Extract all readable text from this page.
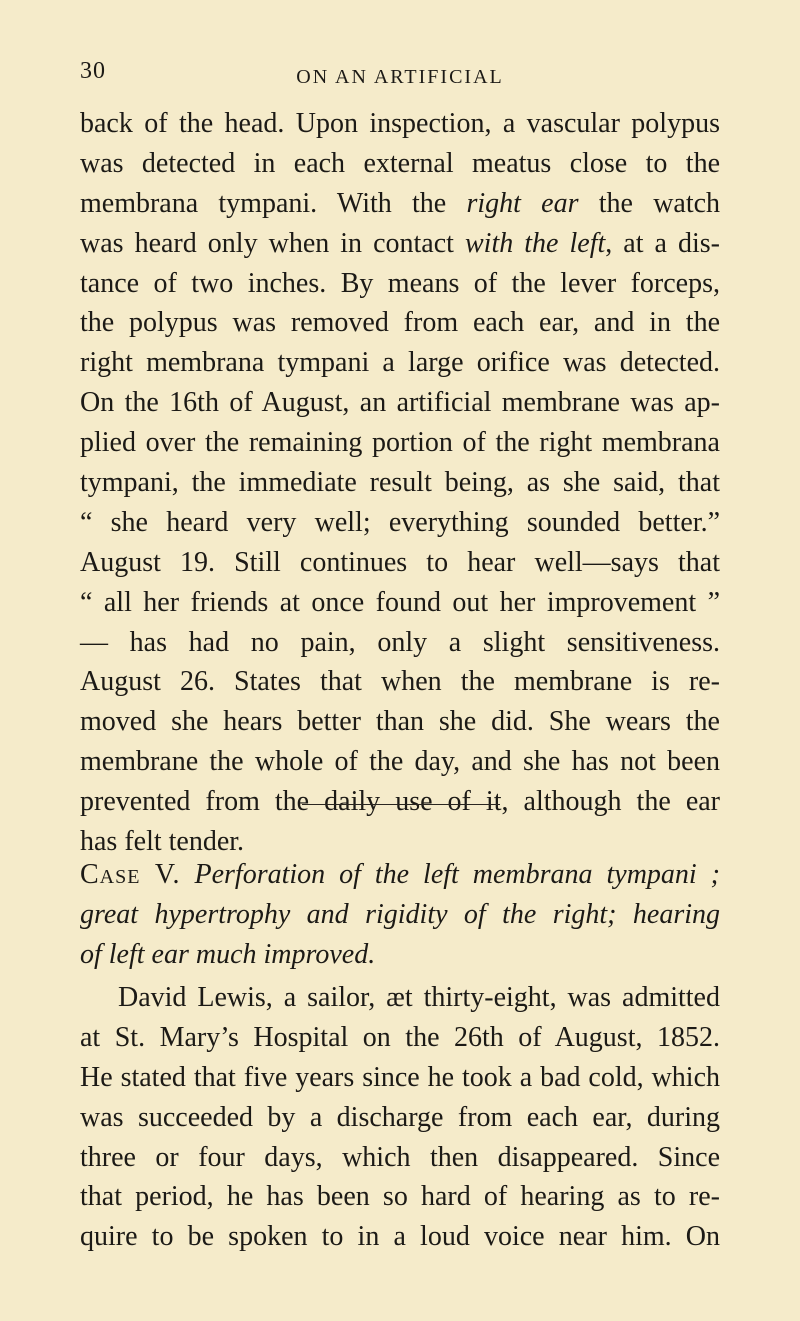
30	ON AN ARTIFICIAL
back of the head. Upon inspection, a vascular polypus
was detected in each external meatus close to the
membrana tympani. With the right ear the watch
was heard only when in contact with the left, at a dis-
tance of two inches. By means of the lever forceps,
the polypus was removed from each ear, and in the
right membrana tympani a large orifice was detected.
On the 16th of August, an artificial membrane was ap-
plied over the remaining portion of the right membrana
tympani, the immediate result being, as she said, that
“ she heard very well; everything sounded better.”
August 19. Still continues to hear well—says that
“ all her friends at once found out her improvement ”
— has had no pain, only a slight sensitiveness.
August 26. States that when the membrane is re-
moved she hears better than she did. She wears the
membrane the whole of the day, and she has not been
prevented from the daily use of it, although the ear
has felt tender.
Case V. Perforation of the left membrana tympani ;
great hypertrophy and rigidity of the right; hearing
of left ear much improved.
David Lewis, a sailor, æt thirty-eight, was admitted
at St. Mary’s Hospital on the 26th of August, 1852.
He stated that five years since he took a bad cold, which
was succeeded by a discharge from each ear, during
three or four days, which then disappeared. Since
that period, he has been so hard of hearing as to re-
quire to be spoken to in a loud voice near him. On
